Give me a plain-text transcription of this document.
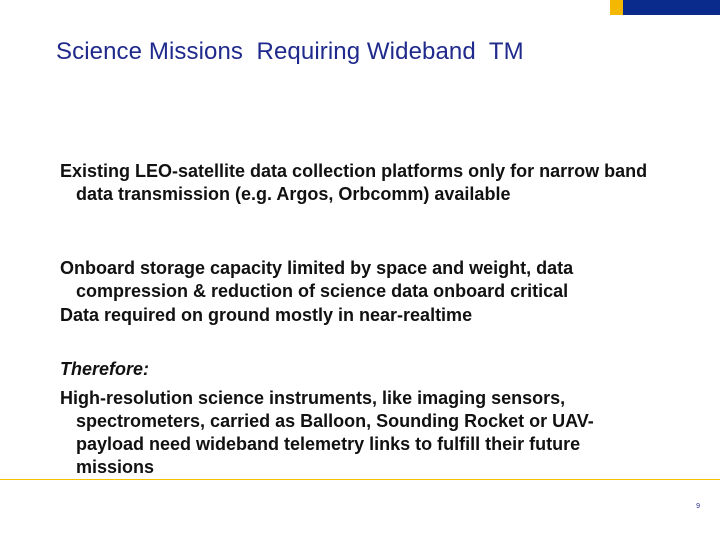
Science Missions  Requiring Wideband  TM

Existing LEO-satellite data collection platforms only for narrow band data transmission (e.g. Argos, Orbcomm) available

Onboard storage capacity limited by space and weight, data compression & reduction of science data onboard critical

Data required on ground mostly in near-realtime

Therefore:

High-resolution science instruments, like imaging sensors, spectrometers, carried as Balloon, Sounding Rocket or UAV- payload need wideband telemetry links to fulfill their future missions

9
